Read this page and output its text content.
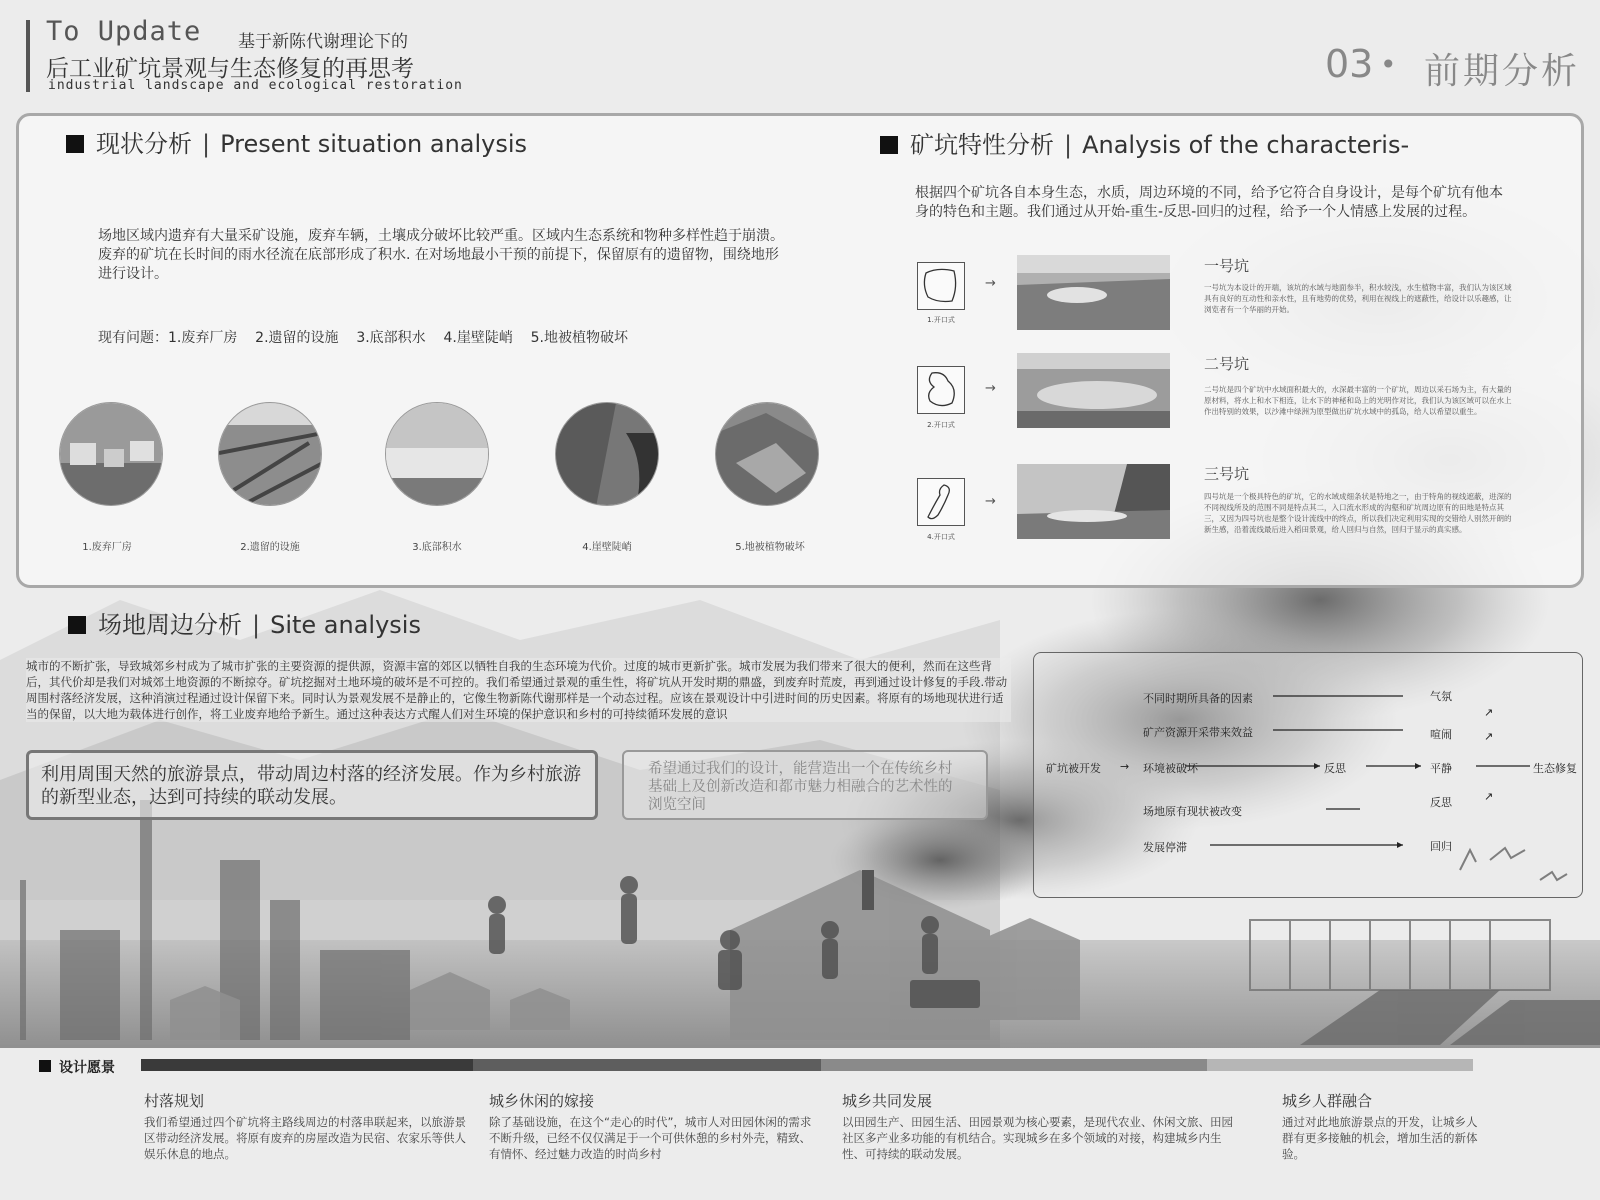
To Update 基于新陈代谢理论下的
后工业矿坑景观与生态修复的再思考
industrial landscape and ecological restoration	03 • 前期分析
现状分析 | Present situation analysis
场地区域内遗弃有大量采矿设施，废弃车辆，土壤成分破坏比较严重。区域内生态系统和物种多样性趋于崩溃。 废弃的矿坑在长时间的雨水径流在底部形成了积水. 在对场地最小干预的前提下，保留原有的遗留物，围绕地形进行设计。
现有问题：1.废弃厂房    2.遗留的设施    3.底部积水    4.崖壁陡峭    5.地被植物破坏
1.废弃厂房	2.遗留的设施	3.底部积水	4.崖壁陡峭	5.地被植物破坏
矿坑特性分析 | Analysis of the characteris-
根据四个矿坑各自本身生态，水质，周边环境的不同，给予它符合自身设计，是每个矿坑有他本身的特色和主题。我们通过从开始-重生-反思-回归的过程，给予一个人情感上发展的过程。
→
1.开口式
一号坑
一号坑为本设计的开端，该坑的水域与地面参半，积水较浅，水生植物丰富，我们认为该区域具有良好的互动性和亲水性，且有地势的优势，利用在视线上的遮蔽性，给设计以乐趣感，让浏览者有一个华丽的开始。
→
2.开口式
二号坑
二号坑是四个矿坑中水域面积最大的，水深最丰富的一个矿坑，周边以采石场为主，有大量的原材料，将水上和水下相连，让水下的神秘和岛上的光明作对比，我们认为该区域可以在水上作出特别的效果，以沙滩中绿洲为原型做出矿坑水域中的孤岛，给人以希望以重生。
→
4.开口式
三号坑
四号坑是一个极具特色的矿坑，它的水域成细条状是特地之一，由于特角的视线遮蔽，进深的不同视线所及的范围不同是特点其二，入口流水形成的沟壑和矿坑周边原有的田地是特点其三，又因为四号坑也是整个设计流线中的终点，所以我们决定利用实现的交错给人别然开朗的新生感，沿着流线最后进入稻田景观，给人回归与自然，回归于显示的真实感。
场地周边分析 | Site analysis
城市的不断扩张，导致城郊乡村成为了城市扩张的主要资源的提供源，资源丰富的郊区以牺牲自我的生态环境为代价。过度的城市更新扩张。城市发展为我们带来了很大的便利，然而在这些背后，其代价却是我们对城郊土地资源的不断掠夺。矿坑挖掘对土地环境的破坏是不可控的。我们希望通过景观的重生性，将矿坑从开发时期的鼎盛，到废弃时荒废，再到通过设计修复的手段.带动周围村落经济发展，这种消演过程通过设计保留下来。同时认为景观发展不是静止的，它像生物新陈代谢那样是一个动态过程。应该在景观设计中引进时间的历史因素。将原有的场地现状进行适当的保留，以大地为载体进行创作，将工业废弃地给予新生。通过这种表达方式醒人们对生环境的保护意识和乡村的可持续循环发展的意识
利用周围天然的旅游景点，带动周边村落的经济发展。作为乡村旅游的新型业态，达到可持续的联动发展。
希望通过我们的设计，能营造出一个在传统乡村基础上及创新改造和都市魅力相融合的艺术性的浏览空间
矿坑被开发 →
不同时期所具备的因素
矿产资源开采带来效益
环境被破坏
场地原有现状被改变
发展停滞
反思
气氛
喧闹
平静
反思
回归
↗
↗
↗
生态修复
设计愿景
村落规划
我们希望通过四个矿坑将主路线周边的村落串联起来，以旅游景区带动经济发展。将原有废弃的房屋改造为民宿、农家乐等供人娱乐休息的地点。
城乡休闲的嫁接
除了基础设施，在这个“走心的时代”，城市人对田园休闲的需求不断升级，已经不仅仅满足于一个可供休憩的乡村外壳，精致、有情怀、经过魅力改造的时尚乡村
城乡共同发展
以田园生产、田园生活、田园景观为核心要素，是现代农业、休闲文旅、田园社区多产业多功能的有机结合。实现城乡在多个领域的对接，构建城乡内生性、可持续的联动发展。
城乡人群融合
通过对此地旅游景点的开发，让城乡人群有更多接触的机会，增加生活的新体验。
